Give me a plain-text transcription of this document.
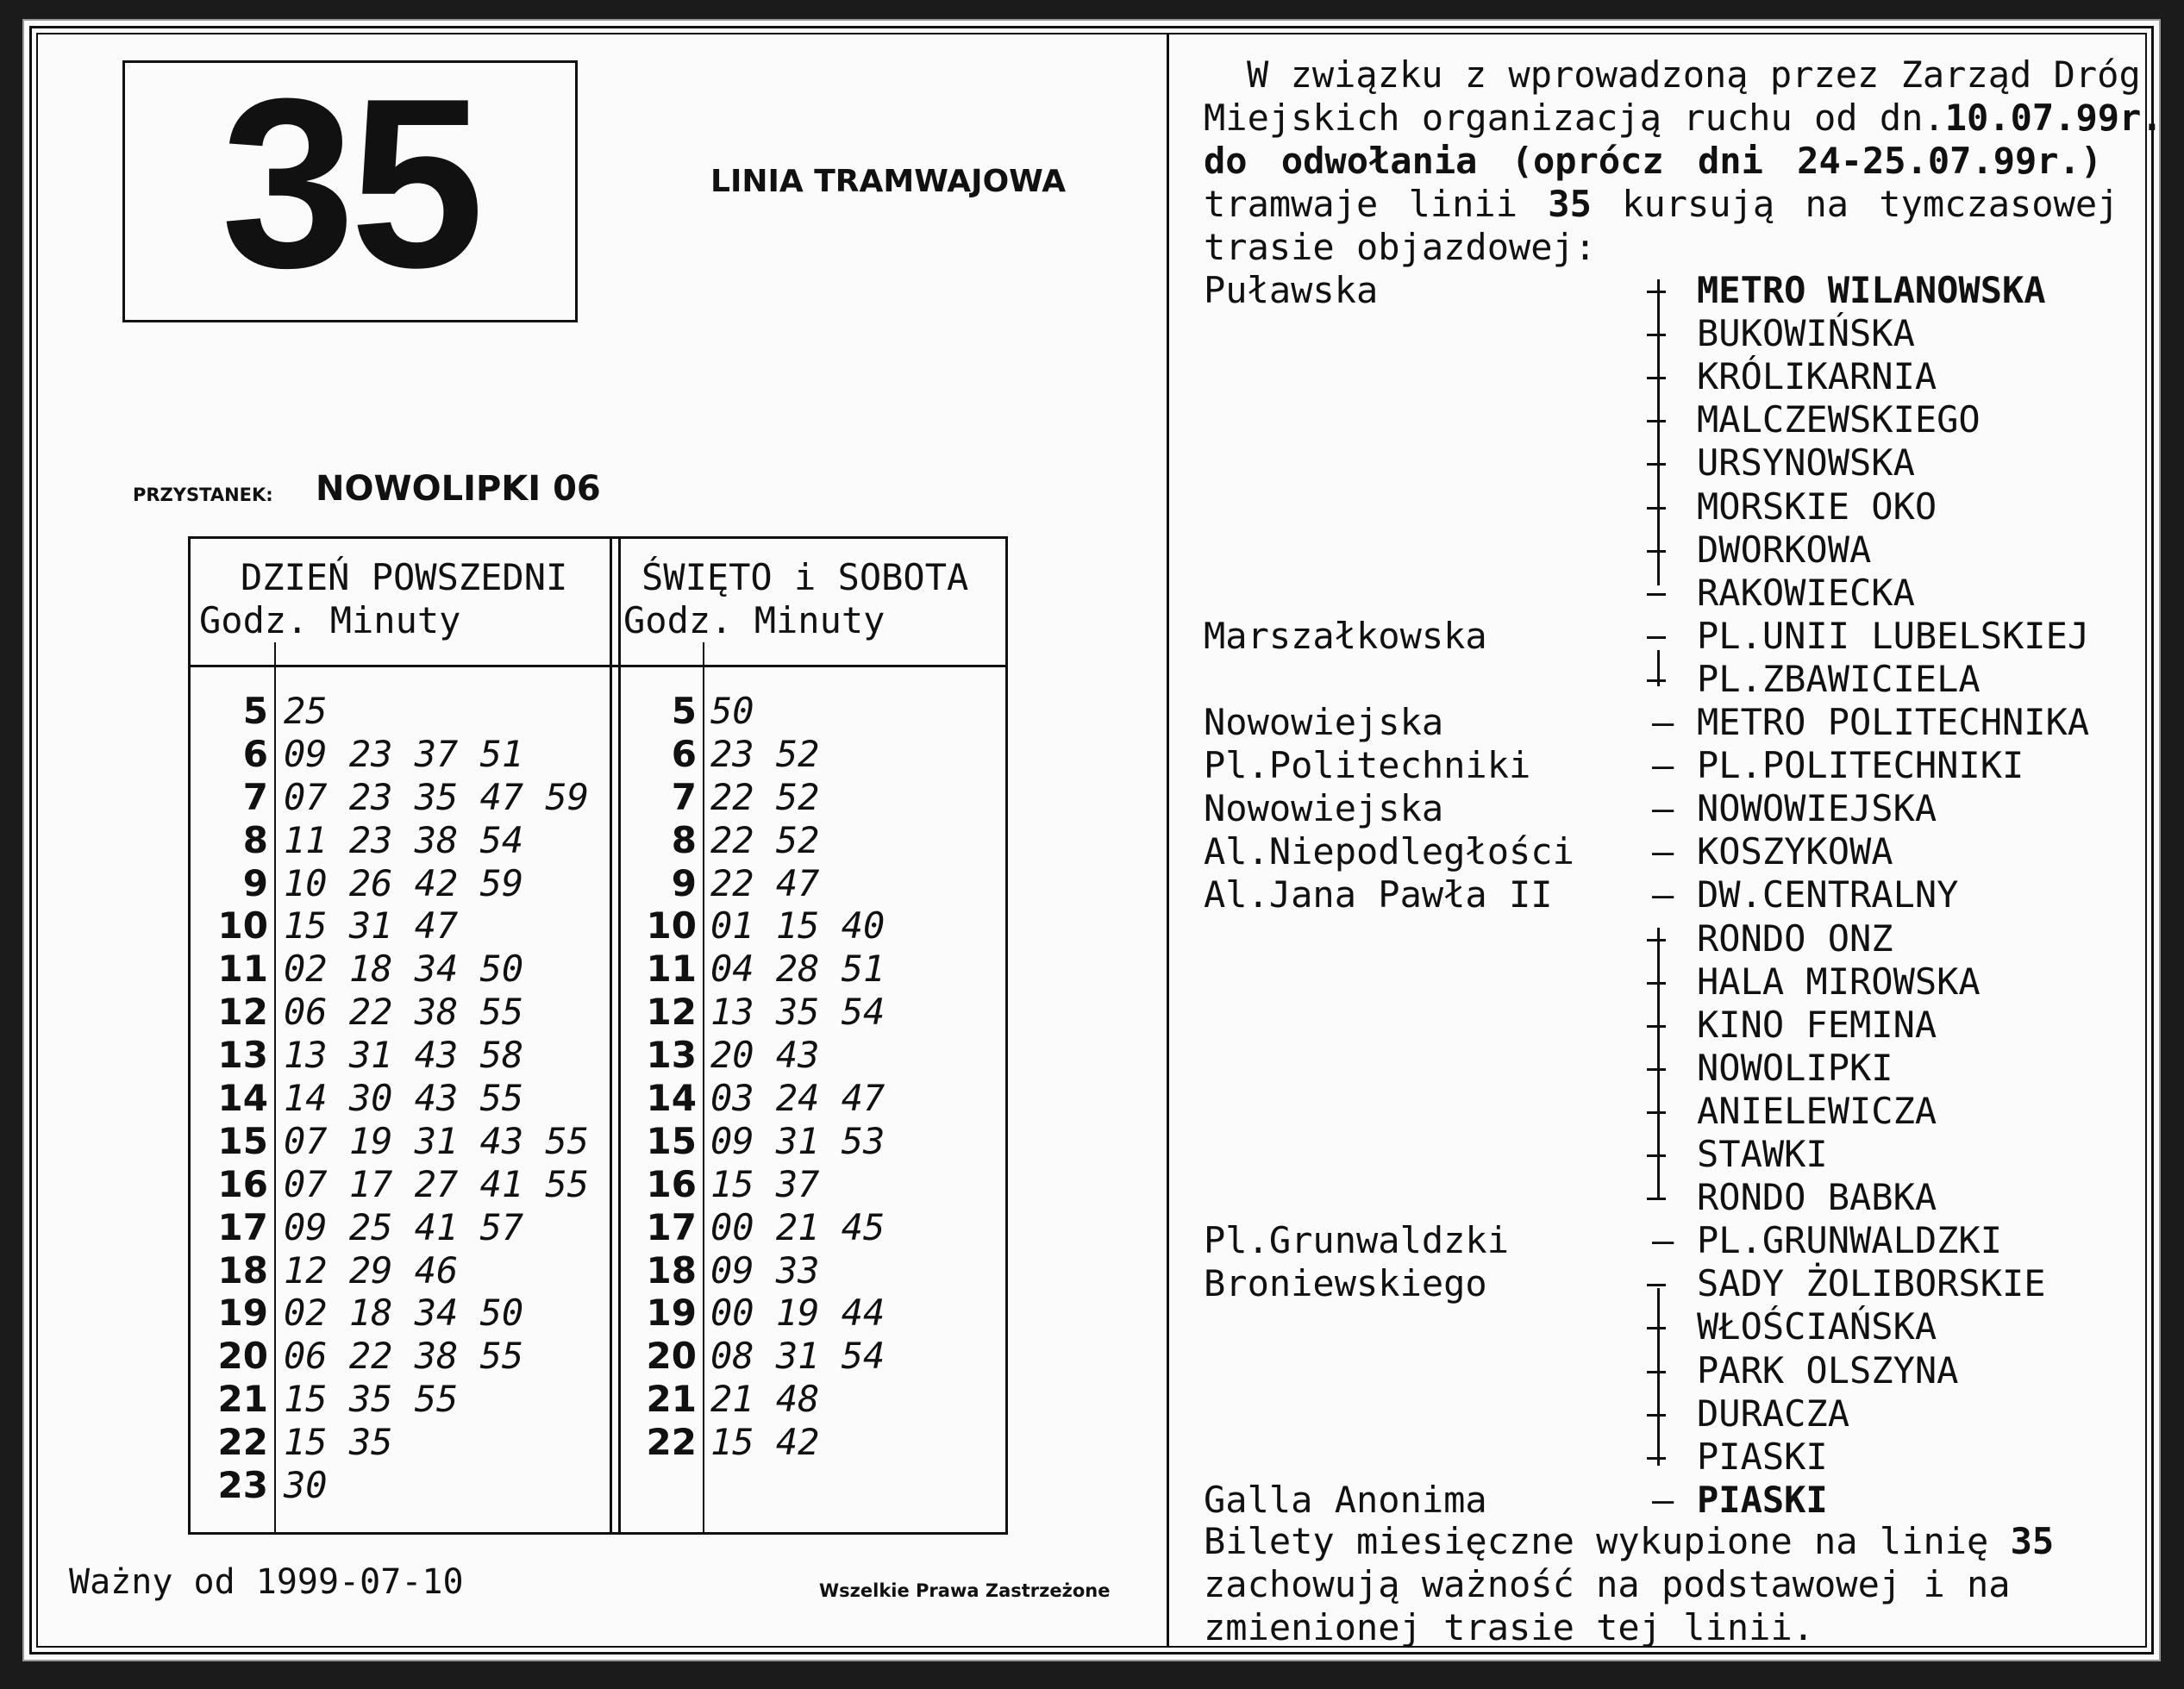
35	LINIA TRAMWAJOWA
PRZYSTANEK: NOWOLIPKI 06
DZIEŃ POWSZEDNI
Godz. Minuty
ŚWIĘTO i SOBOTA
Godz. Minuty
5 25
6 09 23 37 51
7 07 23 35 47 59
8 11 23 38 54
9 10 26 42 59
10 15 31 47
11 02 18 34 50
12 06 22 38 55
13 13 31 43 58
14 14 30 43 55
15 07 19 31 43 55
16 07 17 27 41 55
17 09 25 41 57
18 12 29 46
19 02 18 34 50
20 06 22 38 55
21 15 35 55
22 15 35
23 30
5 50
6 23 52
7 22 52
8 22 52
9 22 47
10 01 15 40
11 04 28 51
12 13 35 54
13 20 43
14 03 24 47
15 09 31 53
16 15 37
17 00 21 45
18 09 33
19 00 19 44
20 08 31 54
21 21 48
22 15 42
Ważny od 1999-07-10	Wszelkie Prawa Zastrzeżone

W związku z wprowadzoną przez Zarząd Dróg

Miejskich organizacją ruchu od dn.10.07.99r.

do odwołania (oprócz dni 24-25.07.99r.)

tramwaje linii 35 kursują na tymczasowej

trasie objazdowej:

Puławska	METRO WILANOWSKA
BUKOWIŃSKA
KRÓLIKARNIA
MALCZEWSKIEGO
URSYNOWSKA
MORSKIE OKO
DWORKOWA
RAKOWIECKA
Marszałkowska	PL.UNII LUBELSKIEJ
PL.ZBAWICIELA
Nowowiejska	– METRO POLITECHNIKA
Pl.Politechniki	– PL.POLITECHNIKI
Nowowiejska	– NOWOWIEJSKA
Al.Niepodległości – KOSZYKOWA
Al.Jana Pawła II	– DW.CENTRALNY
RONDO ONZ
HALA MIROWSKA
KINO FEMINA
NOWOLIPKI
ANIELEWICZA
STAWKI
RONDO BABKA
Pl.Grunwaldzki	– PL.GRUNWALDZKI
Broniewskiego	SADY ŻOLIBORSKIE
WŁOŚCIAŃSKA
PARK OLSZYNA
DURACZA
PIASKI
Galla Anonima	– PIASKI

Bilety miesięczne wykupione na linię 35

zachowują ważność na podstawowej i na

zmienionej trasie tej linii.
